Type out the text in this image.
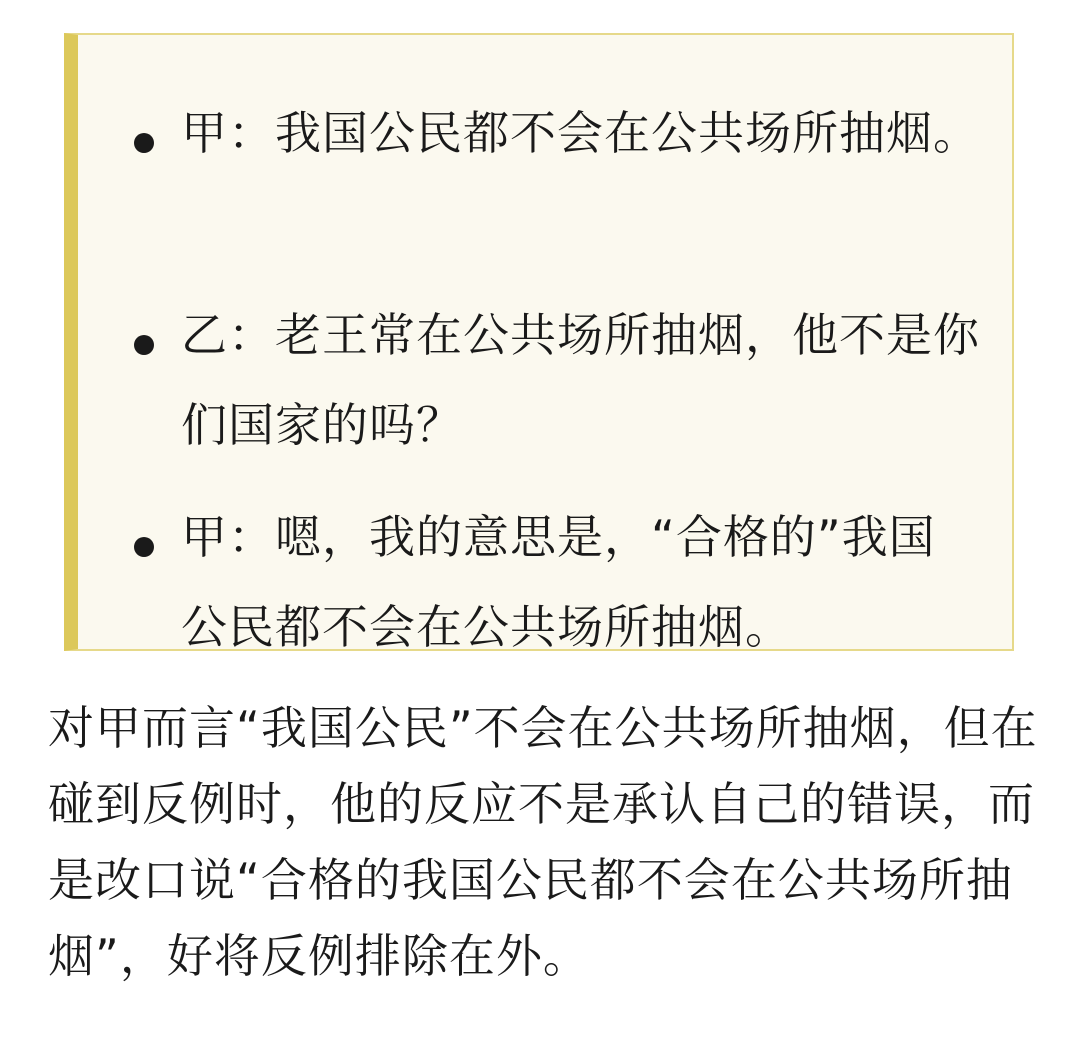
甲：我国公民都不会在公共场所抽烟。
乙：老王常在公共场所抽烟，他不是你们国家的吗？
甲：嗯，我的意思是，“合格的”我国公民都不会在公共场所抽烟。

对甲而言“我国公民”不会在公共场所抽烟，但在碰到反例时，他的反应不是承认自己的错误，而是改口说“合格的我国公民都不会在公共场所抽烟”，好将反例排除在外。
